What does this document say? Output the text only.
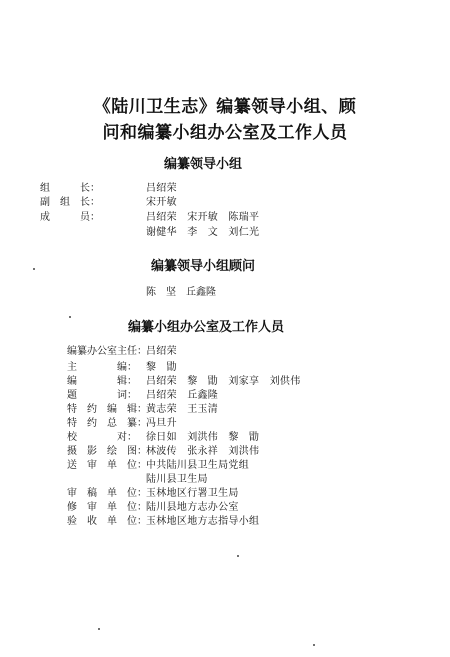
《陆川卫生志》编纂领导小组、顾
问和编纂小组办公室及工作人员
编纂领导小组
组　　　长：	吕绍荣
副　组　长：	宋开敏
成　　　员：	吕绍荣　宋开敏　陈瑞平
谢健华　李　文　刘仁光
编纂领导小组顾问
陈　坚　丘鑫隆
编纂小组办公室及工作人员
编纂办公室主任： 吕绍荣
主　　　　编： 黎　勖
编　　　　辑： 吕绍荣　黎　勖　刘家享　刘供伟
题　　　　词： 吕绍荣　丘鑫隆
特　约　编　辑： 黄志荣　王玉清
特　约　总　纂： 冯旦升
校　　　　对： 徐日如　刘洪伟　黎　勖
摄　影　绘　图： 林波传　张永祥　刘洪伟
送　审　单　位： 中共陆川县卫生局党组
陆川县卫生局
审　稿　单　位： 玉林地区行署卫生局
修　审　单　位： 陆川县地方志办公室
验　收　单　位： 玉林地区地方志指导小组
